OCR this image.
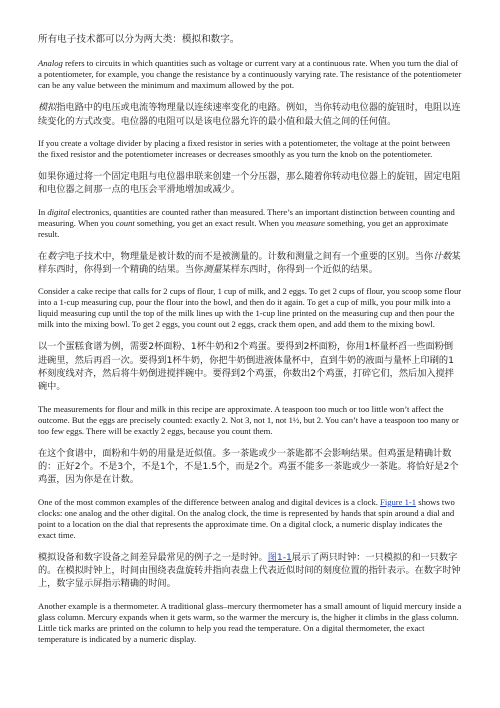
所有电子技术都可以分为两大类：模拟和数字。

Analog refers to circuits in which quantities such as voltage or current vary at a continuous rate. When you turn the dial of a potentiometer, for example, you change the resistance by a continuously varying rate. The resistance of the potentiometer can be any value between the minimum and maximum allowed by the pot.

模拟指电路中的电压或电流等物理量以连续速率变化的电路。例如，当你转动电位器的旋钮时，电阻以连续变化的方式改变。电位器的电阻可以是该电位器允许的最小值和最大值之间的任何值。

If you create a voltage divider by placing a fixed resistor in series with a potentiometer, the voltage at the point between the fixed resistor and the potentiometer increases or decreases smoothly as you turn the knob on the potentiometer.

如果你通过将一个固定电阻与电位器串联来创建一个分压器，那么随着你转动电位器上的旋钮，固定电阻和电位器之间那一点的电压会平滑地增加或减少。

In digital electronics, quantities are counted rather than measured. There’s an important distinction between counting and measuring. When you count something, you get an exact result. When you measure something, you get an approximate result.

在数字电子技术中，物理量是被计数的而不是被测量的。计数和测量之间有一个重要的区别。当你计数某样东西时，你得到一个精确的结果。当你测量某样东西时，你得到一个近似的结果。

Consider a cake recipe that calls for 2 cups of flour, 1 cup of milk, and 2 eggs. To get 2 cups of flour, you scoop some flour into a 1-cup measuring cup, pour the flour into the bowl, and then do it again. To get a cup of milk, you pour milk into a liquid measuring cup until the top of the milk lines up with the 1-cup line printed on the measuring cup and then pour the milk into the mixing bowl. To get 2 eggs, you count out 2 eggs, crack them open, and add them to the mixing bowl.

以一个蛋糕食谱为例，需要2杯面粉、1杯牛奶和2个鸡蛋。要得到2杯面粉，你用1杯量杯舀一些面粉倒进碗里，然后再舀一次。要得到1杯牛奶，你把牛奶倒进液体量杯中，直到牛奶的液面与量杯上印刷的1杯刻度线对齐，然后将牛奶倒进搅拌碗中。要得到2个鸡蛋，你数出2个鸡蛋，打碎它们，然后加入搅拌碗中。

The measurements for flour and milk in this recipe are approximate. A teaspoon too much or too little won’t affect the outcome. But the eggs are precisely counted: exactly 2. Not 3, not 1, not 1½, but 2. You can’t have a teaspoon too many or too few eggs. There will be exactly 2 eggs, because you count them.

在这个食谱中，面粉和牛奶的用量是近似值。多一茶匙或少一茶匙都不会影响结果。但鸡蛋是精确计数的：正好2个。不是3个，不是1个，不是1.5个，而是2个。鸡蛋不能多一茶匙或少一茶匙。将恰好是2个鸡蛋，因为你是在计数。

One of the most common examples of the difference between analog and digital devices is a clock. Figure 1-1 shows two clocks: one analog and the other digital. On the analog clock, the time is represented by hands that spin around a dial and point to a location on the dial that represents the approximate time. On a digital clock, a numeric display indicates the exact time.

模拟设备和数字设备之间差异最常见的例子之一是时钟。图1-1展示了两只时钟：一只模拟的和一只数字的。在模拟时钟上，时间由围绕表盘旋转并指向表盘上代表近似时间的刻度位置的指针表示。在数字时钟上，数字显示屏指示精确的时间。

Another example is a thermometer. A traditional glass–mercury thermometer has a small amount of liquid mercury inside a glass column. Mercury expands when it gets warm, so the warmer the mercury is, the higher it climbs in the glass column. Little tick marks are printed on the column to help you read the temperature. On a digital thermometer, the exact temperature is indicated by a numeric display.
